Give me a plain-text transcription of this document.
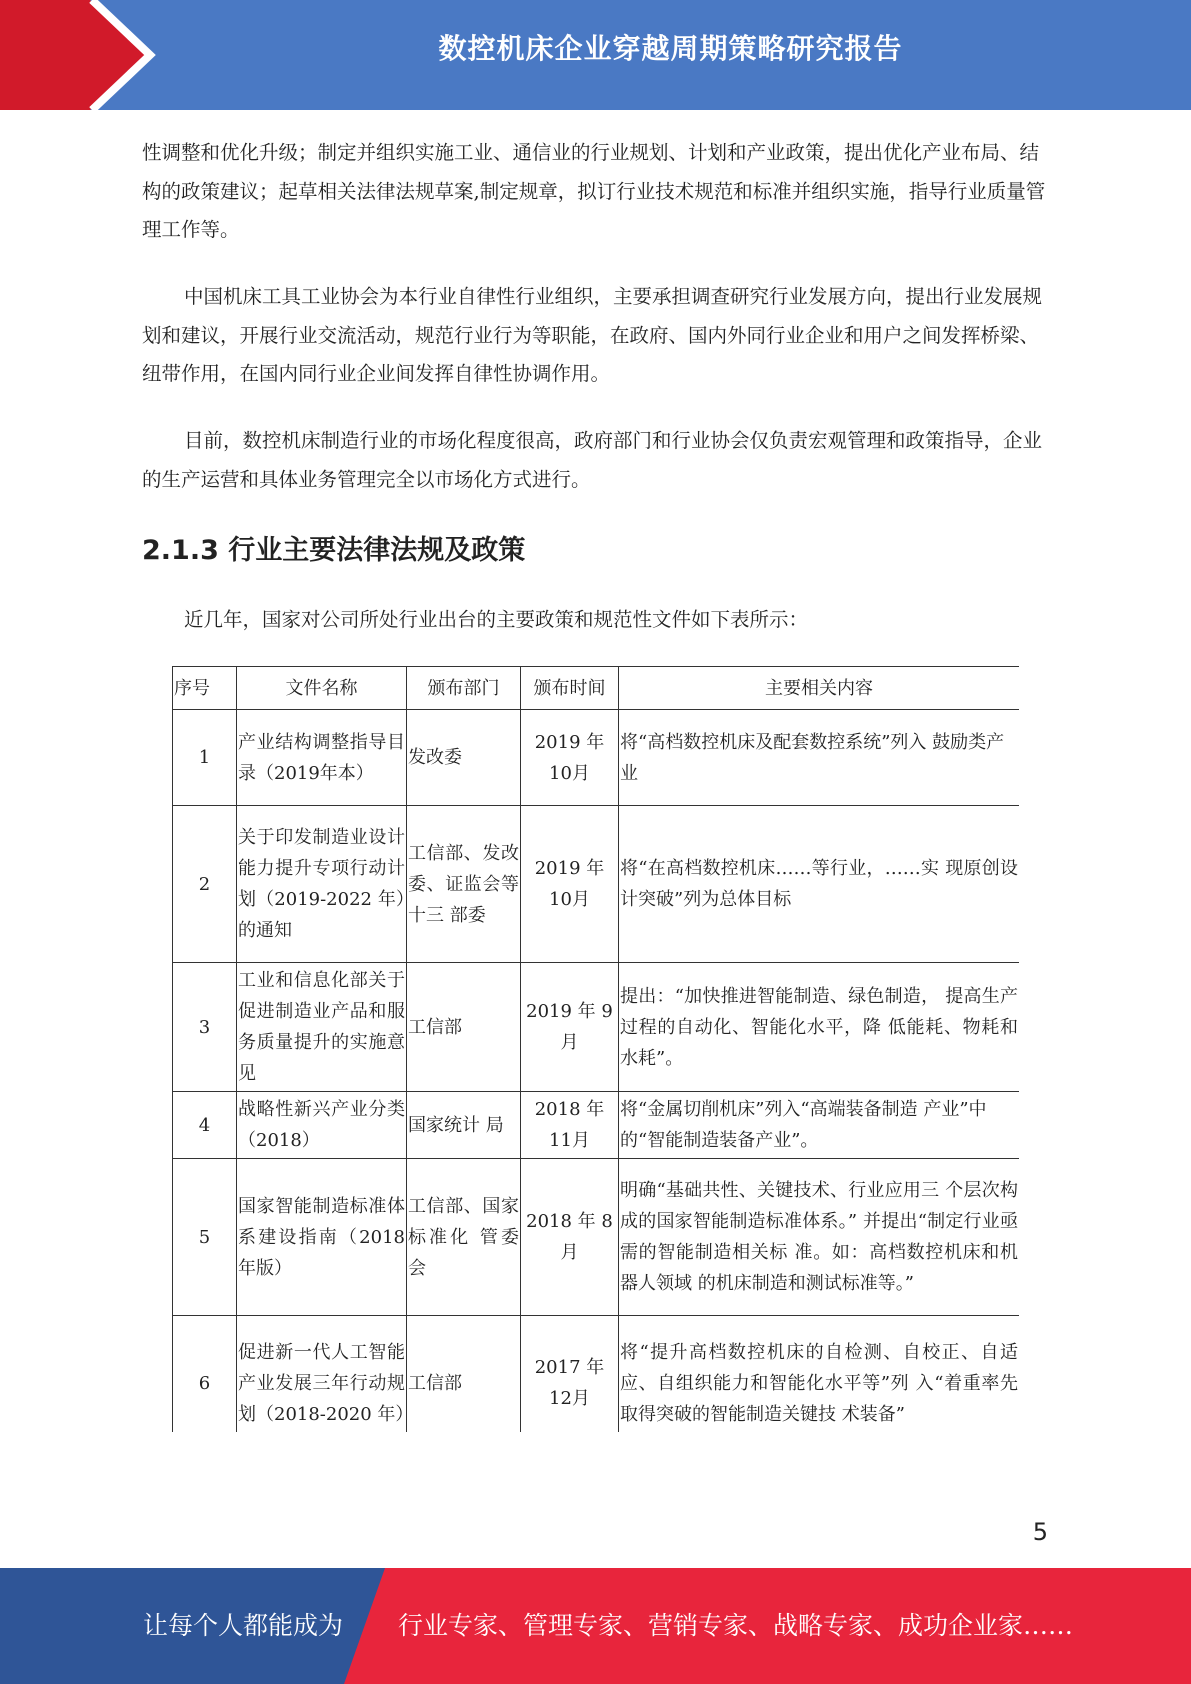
数控机床企业穿越周期策略研究报告

性调整和优化升级；制定并组织实施工业、通信业的行业规划、计划和产业政策，提出优化产业布局、结构的政策建议；起草相关法律法规草案,制定规章，拟订行业技术规范和标准并组织实施，指导行业质量管理工作等。

中国机床工具工业协会为本行业自律性行业组织，主要承担调查研究行业发展方向，提出行业发展规划和建议，开展行业交流活动，规范行业行为等职能，在政府、国内外同行业企业和用户之间发挥桥梁、纽带作用，在国内同行业企业间发挥自律性协调作用。

目前，数控机床制造行业的市场化程度很高，政府部门和行业协会仅负责宏观管理和政策指导，企业的生产运营和具体业务管理完全以市场化方式进行。

2.1.3 行业主要法律法规及政策

近几年，国家对公司所处行业出台的主要政策和规范性文件如下表所示：

序号	文件名称	颁布部门	颁布时间	主要相关内容
1	产业结构调整指导目录（2019年本）	发改委	2019 年 10月	将“高档数控机床及配套数控系统”列入 鼓励类产业
2	关于印发制造业设计能力提升专项行动计划（2019-2022 年）的通知	工信部、发改委、证监会等十三 部委	2019 年 10月	将“在高档数控机床……等行业，……实 现原创设计突破”列为总体目标
3	工业和信息化部关于促进制造业产品和服务质量提升的实施意见	工信部	2019 年 9 月	提出：“加快推进智能制造、绿色制造， 提高生产过程的自动化、智能化水平，降 低能耗、物耗和水耗”。
4	战略性新兴产业分类（2018）	国家统计 局	2018 年 11月	将“金属切削机床”列入“高端装备制造 产业”中的“智能制造装备产业”。
5	国家智能制造标准体系建设指南（2018年版）	工信部、国家标准化 管委会	2018 年 8 月	明确“基础共性、关键技术、行业应用三 个层次构成的国家智能制造标准体系。” 并提出“制定行业亟需的智能制造相关标 准。如：高档数控机床和机器人领域 的机床制造和测试标准等。”
6	促进新一代人工智能产业发展三年行动规划（2018-2020 年）	工信部	2017 年 12月	将“提升高档数控机床的自检测、自校正、自适应、自组织能力和智能化水平等”列 入“着重率先取得突破的智能制造关键技 术装备”
5
让每个人都能成为 行业专家、管理专家、营销专家、战略专家、成功企业家……
